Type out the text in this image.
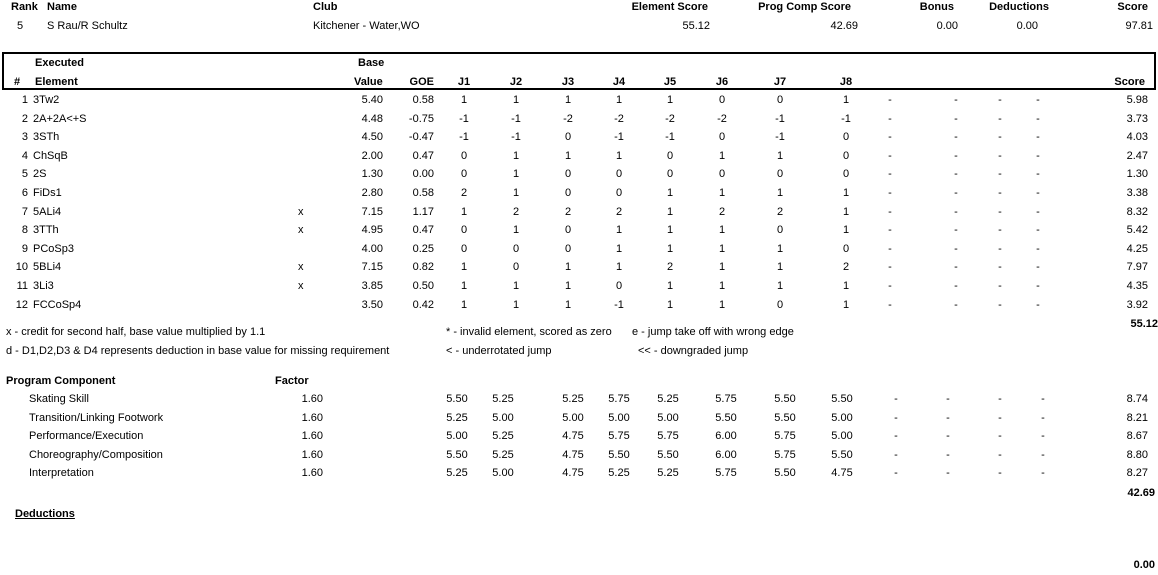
Rank Name	Club	Element Score	Prog Comp Score	Bonus	Deductions	Score
5 S Rau/R Schultz	Kitchener - Water,WO	55.12	42.69	0.00	0.00	97.81
Executed	Base
# Element	Value	GOE	J1	J2	J3	J4	J5	J6	J7	J8	Score
1 3Tw2	5.40	0.58	1	1	1	1	1	0	0	1	-	-	-	-	5.98
2 2A+2A<+S	4.48	-0.75	-1	-1	-2	-2	-2	-2	-1	-1	-	-	-	-	3.73
3 3STh	4.50	-0.47	-1	-1	0	-1	-1	0	-1	0	-	-	-	-	4.03
4 ChSqB	2.00	0.47	0	1	1	1	0	1	1	0	-	-	-	-	2.47
5 2S	1.30	0.00	0	1	0	0	0	0	0	0	-	-	-	-	1.30
6 FiDs1	2.80	0.58	2	1	0	0	1	1	1	1	-	-	-	-	3.38
7 5ALi4	x	7.15	1.17	1	2	2	2	1	2	2	1	-	-	-	-	8.32
8 3TTh	x	4.95	0.47	0	1	0	1	1	1	0	1	-	-	-	-	5.42
9 PCoSp3	4.00	0.25	0	0	0	1	1	1	1	0	-	-	-	-	4.25
10 5BLi4	x	7.15	0.82	1	0	1	1	2	1	1	2	-	-	-	-	7.97
11 3Li3	x	3.85	0.50	1	1	1	0	1	1	1	1	-	-	-	-	4.35
12 FCCoSp4	3.50	0.42	1	1	1	-1	1	1	0	1	-	-	-	-	3.92
55.12
x - credit for second half, base value multiplied by 1.1	* - invalid element, scored as zero e - jump take off with wrong edge
d - D1,D2,D3 & D4 represents deduction in base value for missing requirement	< - underrotated jump	<< - downgraded jump
Program Component	Factor
Skating Skill	1.60	5.50	5.25	5.25	5.75	5.25	5.75	5.50	5.50	-	-	-	-	8.74
Transition/Linking Footwork	1.60	5.25	5.00	5.00	5.00	5.00	5.50	5.50	5.00	-	-	-	-	8.21
Performance/Execution	1.60	5.00	5.25	4.75	5.75	5.75	6.00	5.75	5.00	-	-	-	-	8.67
Choreography/Composition	1.60	5.50	5.25	4.75	5.50	5.50	6.00	5.75	5.50	-	-	-	-	8.80
Interpretation	1.60	5.25	5.00	4.75	5.25	5.25	5.75	5.50	4.75	-	-	-	-	8.27
42.69
Deductions
0.00
